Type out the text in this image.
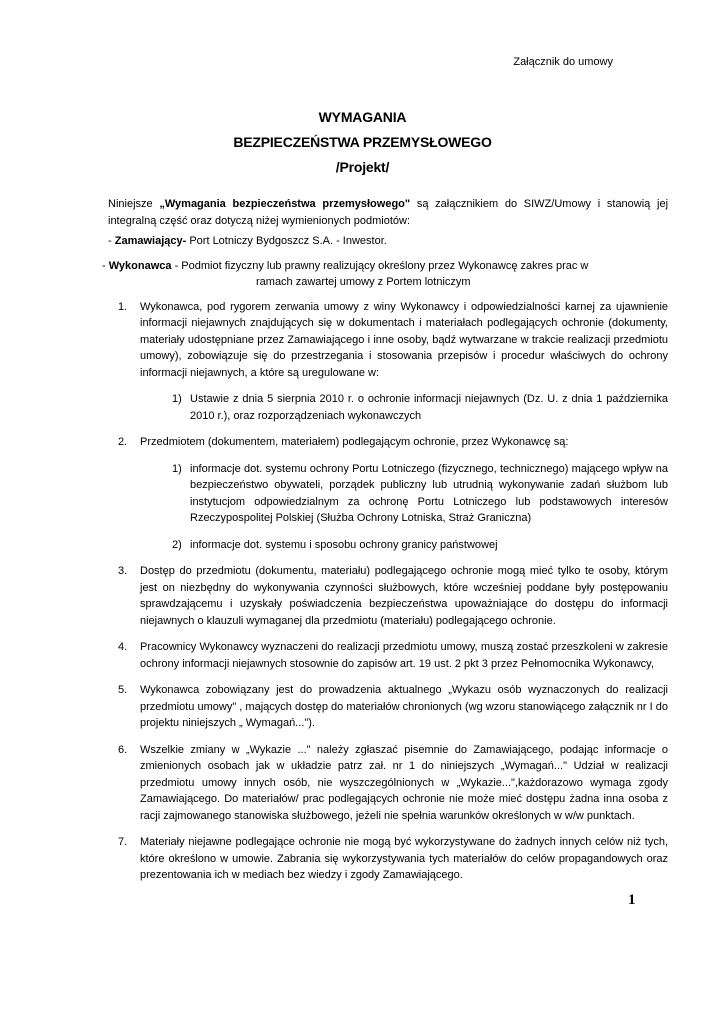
Załącznik do umowy
WYMAGANIA
BEZPIECZEŃSTWA PRZEMYSŁOWEGO
/Projekt/

Niniejsze „Wymagania bezpieczeństwa przemysłowego" są załącznikiem do SIWZ/Umowy i stanowią jej integralną część oraz dotyczą niżej wymienionych podmiotów:

- Zamawiający- Port Lotniczy Bydgoszcz S.A. - Inwestor.
- Wykonawca - Podmiot fizyczny lub prawny realizujący określony przez Wykonawcę zakres prac w
ramach zawartej umowy z Portem lotniczym
1. Wykonawca, pod rygorem zerwania umowy z winy Wykonawcy i odpowiedzialności karnej za ujawnienie informacji niejawnych znajdujących się w dokumentach i materiałach podlegających ochronie (dokumenty, materiały udostępniane przez Zamawiającego i inne osoby, bądź wytwarzane w trakcie realizacji przedmiotu umowy), zobowiązuje się do przestrzegania i stosowania przepisów i procedur właściwych do ochrony informacji niejawnych, a które są uregulowane w:
1) Ustawie z dnia 5 sierpnia 2010 r. o ochronie informacji niejawnych (Dz. U. z dnia 1 października 2010 r.), oraz rozporządzeniach wykonawczych
2. Przedmiotem (dokumentem, materiałem) podlegającym ochronie, przez Wykonawcę są:
1) informacje dot. systemu ochrony Portu Lotniczego (fizycznego, technicznego) mającego wpływ na bezpieczeństwo obywateli, porządek publiczny lub utrudnią wykonywanie zadań służbom lub instytucjom odpowiedzialnym za ochronę Portu Lotniczego lub podstawowych interesów Rzeczypospolitej Polskiej (Służba Ochrony Lotniska, Straż Graniczna)
2) informacje dot. systemu i sposobu ochrony granicy państwowej
3. Dostęp do przedmiotu (dokumentu, materiału) podlegającego ochronie mogą mieć tylko te osoby, którym jest on niezbędny do wykonywania czynności służbowych, które wcześniej poddane były postępowaniu sprawdzającemu i uzyskały poświadczenia bezpieczeństwa upoważniające do dostępu do informacji niejawnych o klauzuli wymaganej dla przedmiotu (materiału) podlegającego ochronie.
4. Pracownicy Wykonawcy wyznaczeni do realizacji przedmiotu umowy, muszą zostać przeszkoleni w zakresie ochrony informacji niejawnych stosownie do zapisów art. 19 ust. 2 pkt 3 przez Pełnomocnika Wykonawcy,
5. Wykonawca zobowiązany jest do prowadzenia aktualnego „Wykazu osób wyznaczonych do realizacji przedmiotu umowy" , mających dostęp do materiałów chronionych (wg wzoru stanowiącego załącznik nr I do projektu niniejszych „ Wymagań...").
6. Wszelkie zmiany w „Wykazie ..." należy zgłaszać pisemnie do Zamawiającego, podając informacje o zmienionych osobach jak w układzie patrz zał. nr 1 do niniejszych „Wymagań..." Udział w realizacji przedmiotu umowy innych osób, nie wyszczególnionych w „Wykazie...",każdorazowo wymaga zgody Zamawiającego. Do materiałów/ prac podlegających ochronie nie może mieć dostępu żadna inna osoba z racji zajmowanego stanowiska służbowego, jeżeli nie spełnia warunków określonych w w/w punktach.
7. Materiały niejawne podlegające ochronie nie mogą być wykorzystywane do żadnych innych celów niż tych, które określono w umowie. Zabrania się wykorzystywania tych materiałów do celów propagandowych oraz prezentowania ich w mediach bez wiedzy i zgody Zamawiającego.
1
